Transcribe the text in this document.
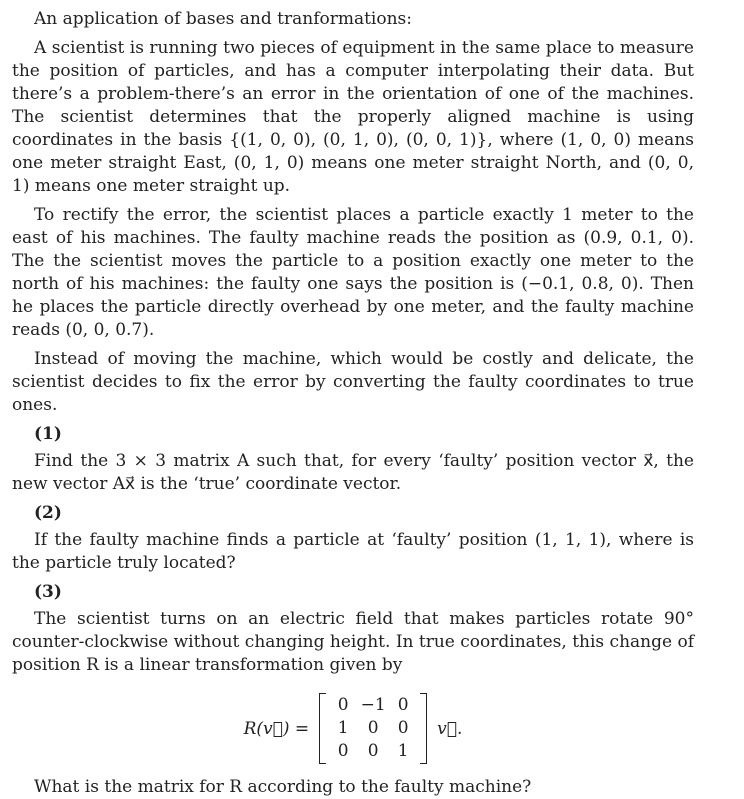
An application of bases and tranformations:

A scientist is running two pieces of equipment in the same place to measure the position of particles, and has a computer interpolating their data. But there’s a problem-there’s an error in the orientation of one of the machines. The scientist determines that the properly aligned machine is using coordinates in the basis {(1, 0, 0), (0, 1, 0), (0, 0, 1)}, where (1, 0, 0) means one meter straight East, (0, 1, 0) means one meter straight North, and (0, 0, 1) means one meter straight up.

To rectify the error, the scientist places a particle exactly 1 meter to the east of his machines. The faulty machine reads the position as (0.9, 0.1, 0). The the scientist moves the particle to a position exactly one meter to the north of his machines: the faulty one says the position is (−0.1, 0.8, 0). Then he places the particle directly overhead by one meter, and the faulty machine reads (0, 0, 0.7).

Instead of moving the machine, which would be costly and delicate, the scientist decides to fix the error by converting the faulty coordinates to true ones.

(1)

Find the 3 × 3 matrix A such that, for every ‘faulty’ position vector x⃗, the new vector Ax⃗ is the ‘true’ coordinate vector.

(2)

If the faulty machine finds a particle at ‘faulty’ position (1, 1, 1), where is the particle truly located?

(3)

The scientist turns on an electric field that makes particles rotate 90° counter-clockwise without changing height. In true coordinates, this change of position R is a linear transformation given by

R(v⃗) =
0 −1 0
1	0	0
0	0	1
v⃗.
What is the matrix for R according to the faulty machine?
